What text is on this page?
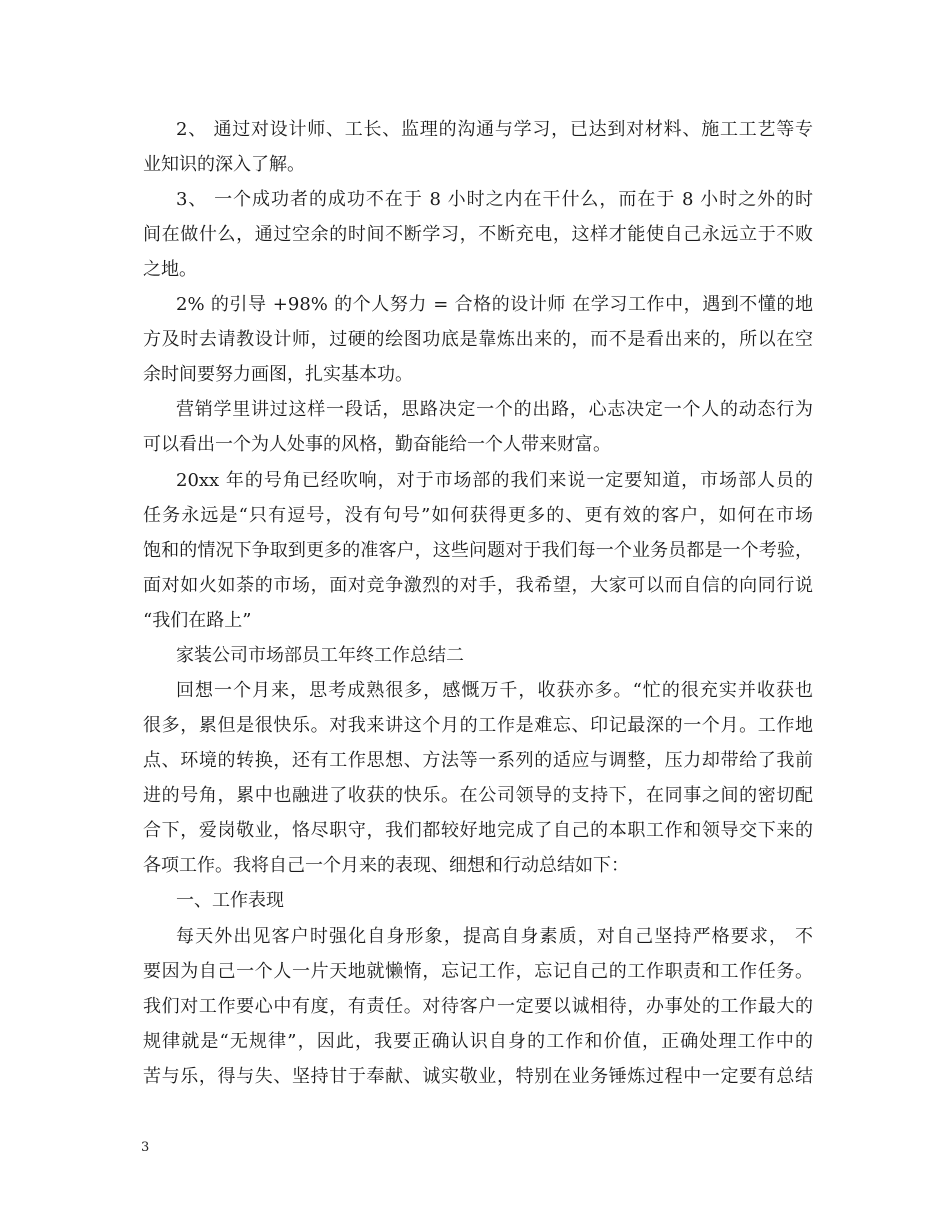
2、 通过对设计师、工长、监理的沟通与学习，已达到对材料、施工工艺等专
业知识的深入了解。
3、 一个成功者的成功不在于 8 小时之内在干什么，而在于 8 小时之外的时
间在做什么，通过空余的时间不断学习，不断充电，这样才能使自己永远立于不败
之地。
2% 的引导 +98% 的个人努力 = 合格的设计师 在学习工作中，遇到不懂的地
方及时去请教设计师，过硬的绘图功底是靠炼出来的，而不是看出来的，所以在空
余时间要努力画图，扎实基本功。
营销学里讲过这样一段话，思路决定一个的出路，心志决定一个人的动态行为
可以看出一个为人处事的风格，勤奋能给一个人带来财富。
20xx 年的号角已经吹响，对于市场部的我们来说一定要知道，市场部人员的
任务永远是“只有逗号，没有句号”如何获得更多的、更有效的客户，如何在市场
饱和的情况下争取到更多的准客户，这些问题对于我们每一个业务员都是一个考验，
面对如火如荼的市场，面对竞争激烈的对手，我希望，大家可以而自信的向同行说
“我们在路上”
家装公司市场部员工年终工作总结二
回想一个月来，思考成熟很多，感慨万千，收获亦多。“忙的很充实并收获也
很多，累但是很快乐。对我来讲这个月的工作是难忘、印记最深的一个月。工作地
点、环境的转换，还有工作思想、方法等一系列的适应与调整，压力却带给了我前
进的号角，累中也融进了收获的快乐。在公司领导的支持下，在同事之间的密切配
合下，爱岗敬业，恪尽职守，我们都较好地完成了自己的本职工作和领导交下来的
各项工作。我将自己一个月来的表现、细想和行动总结如下：
一、工作表现
每天外出见客户时强化自身形象，提高自身素质，对自己坚持严格要求， 不
要因为自己一个人一片天地就懒惰，忘记工作，忘记自己的工作职责和工作任务。
我们对工作要心中有度，有责任。对待客户一定要以诚相待，办事处的工作最大的
规律就是“无规律”，因此，我要正确认识自身的工作和价值，正确处理工作中的
苦与乐，得与失、坚持甘于奉献、诚实敬业，特别在业务锤炼过程中一定要有总结
3
